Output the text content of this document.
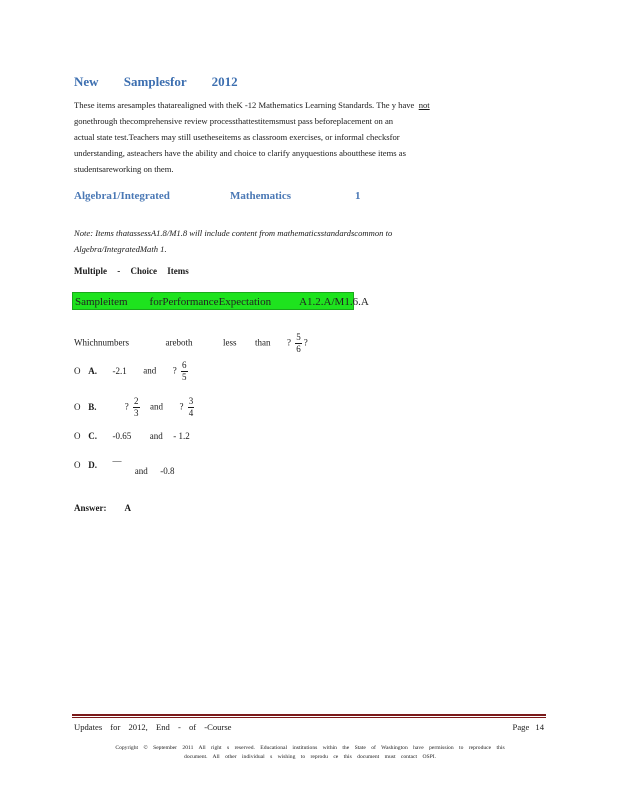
New Samplesfor 2012
These items aresamples thatarealigned with theK -12 Mathematics Learning Standards. The y have not
gonethrough thecomprehensive review processthattestitemsmust pass beforeplacement on an
actual state test.Teachers may still usetheseitems as classroom exercises, or informal checksfor
understanding, asteachers have the ability and choice to clarify anyquestions aboutthese items as
studentsareworking on them.
Algebra1/Integrated	Mathematics	1
Note: Items thatassessA1.8/M1.8 will include content from mathematicsstandardscommon to
Algebra/IntegratedMath 1.
Multiple - Choice Items
Sampleitem forPerformanceExpectation	A1.2.A/M1.6.A
Whichnumbers	areboth	less than ? $\frac{5}{6}$ ?
O A. -2.1 and ? $\frac{6}{5}$
O B.	? $\frac{2}{3}$ and ? $\frac{3}{4}$
O C. -0.65 and - 1.2
O D. — and -0.8
Answer: A
Updates for 2012, End - of -Course	Page 14
Copyright © September 2011 All right s reserved. Educational institutions within the State of Washington have permission to reproduce this
document. All other individual s wishing to reprodu ce this document must contact OSPI.
